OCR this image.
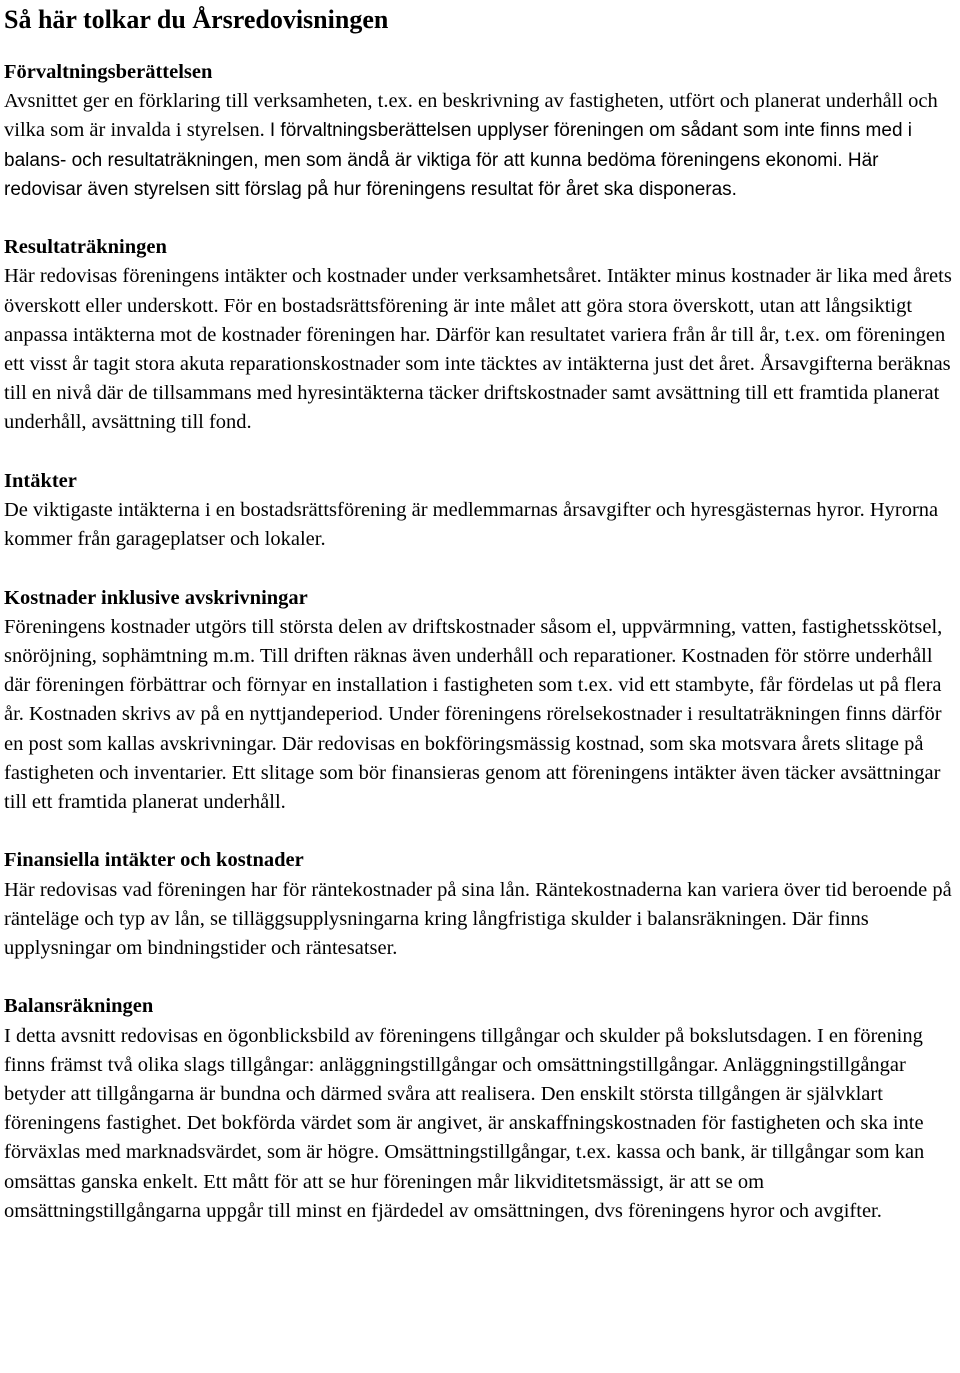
Så här tolkar du Årsredovisningen
Förvaltningsberättelsen

Avsnittet ger en förklaring till verksamheten, t.ex. en beskrivning av fastigheten, utfört och planerat underhåll och vilka som är invalda i styrelsen. I förvaltningsberättelsen upplyser föreningen om sådant som inte finns med i balans- och resultaträkningen, men som ändå är viktiga för att kunna bedöma föreningens ekonomi. Här redovisar även styrelsen sitt förslag på hur föreningens resultat för året ska disponeras.

Resultaträkningen

Här redovisas föreningens intäkter och kostnader under verksamhetsåret. Intäkter minus kostnader är lika med årets överskott eller underskott. För en bostadsrättsförening är inte målet att göra stora överskott, utan att långsiktigt anpassa intäkterna mot de kostnader föreningen har. Därför kan resultatet variera från år till år, t.ex. om föreningen ett visst år tagit stora akuta reparationskostnader som inte täcktes av intäkterna just det året. Årsavgifterna beräknas till en nivå där de tillsammans med hyresintäkterna täcker driftskostnader samt avsättning till ett framtida planerat underhåll, avsättning till fond.

Intäkter

De viktigaste intäkterna i en bostadsrättsförening är medlemmarnas årsavgifter och hyresgästernas hyror. Hyrorna kommer från garageplatser och lokaler.

Kostnader inklusive avskrivningar

Föreningens kostnader utgörs till största delen av driftskostnader såsom el, uppvärmning, vatten, fastighetsskötsel, snöröjning, sophämtning m.m. Till driften räknas även underhåll och reparationer. Kostnaden för större underhåll där föreningen förbättrar och förnyar en installation i fastigheten som t.ex. vid ett stambyte, får fördelas ut på flera år. Kostnaden skrivs av på en nyttjandeperiod. Under föreningens rörelsekostnader i resultaträkningen finns därför en post som kallas avskrivningar. Där redovisas en bokföringsmässig kostnad, som ska motsvara årets slitage på fastigheten och inventarier. Ett slitage som bör finansieras genom att föreningens intäkter även täcker avsättningar till ett framtida planerat underhåll.

Finansiella intäkter och kostnader

Här redovisas vad föreningen har för räntekostnader på sina lån. Räntekostnaderna kan variera över tid beroende på ränteläge och typ av lån, se tilläggsupplysningarna kring långfristiga skulder i balansräkningen. Där finns upplysningar om bindningstider och räntesatser.

Balansräkningen

I detta avsnitt redovisas en ögonblicksbild av föreningens tillgångar och skulder på bokslutsdagen. I en förening finns främst två olika slags tillgångar: anläggningstillgångar och omsättningstillgångar. Anläggningstillgångar betyder att tillgångarna är bundna och därmed svåra att realisera. Den enskilt största tillgången är självklart föreningens fastighet. Det bokförda värdet som är angivet, är anskaffningskostnaden för fastigheten och ska inte förväxlas med marknadsvärdet, som är högre. Omsättningstillgångar, t.ex. kassa och bank, är tillgångar som kan omsättas ganska enkelt. Ett mått för att se hur föreningen mår likviditetsmässigt, är att se om omsättningstillgångarna uppgår till minst en fjärdedel av omsättningen, dvs föreningens hyror och avgifter.
